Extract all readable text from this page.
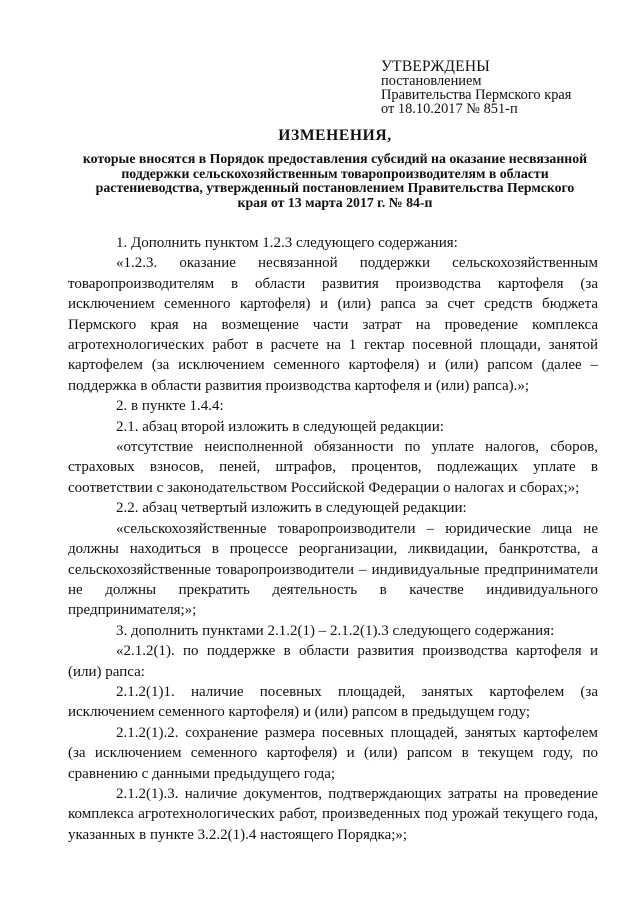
УТВЕРЖДЕНЫ
постановлением
Правительства Пермского края
от 18.10.2017 № 851-п
ИЗМЕНЕНИЯ,
которые вносятся в Порядок предоставления субсидий на оказание несвязанной поддержки сельскохозяйственным товаропроизводителям в области растениеводства, утвержденный постановлением Правительства Пермского края от 13 марта 2017 г. № 84-п

1. Дополнить пунктом 1.2.3 следующего содержания:

«1.2.3. оказание несвязанной поддержки сельскохозяйственным товаропроизводителям в области развития производства картофеля (за исключением семенного картофеля) и (или) рапса за счет средств бюджета Пермского края на возмещение части затрат на проведение комплекса агротехнологических работ в расчете на 1 гектар посевной площади, занятой картофелем (за исключением семенного картофеля) и (или) рапсом (далее – поддержка в области развития производства картофеля и (или) рапса).»;

2. в пункте 1.4.4:

2.1. абзац второй изложить в следующей редакции:

«отсутствие неисполненной обязанности по уплате налогов, сборов, страховых взносов, пеней, штрафов, процентов, подлежащих уплате в соответствии с законодательством Российской Федерации о налогах и сборах;»;

2.2. абзац четвертый изложить в следующей редакции:

«сельскохозяйственные товаропроизводители – юридические лица не должны находиться в процессе реорганизации, ликвидации, банкротства, а сельскохозяйственные товаропроизводители – индивидуальные предприниматели не должны прекратить деятельность в качестве индивидуального предпринимателя;»;

3. дополнить пунктами 2.1.2(1) – 2.1.2(1).3 следующего содержания:

«2.1.2(1). по поддержке в области развития производства картофеля и (или) рапса:

2.1.2(1)1. наличие посевных площадей, занятых картофелем (за исключением семенного картофеля) и (или) рапсом в предыдущем году;

2.1.2(1).2. сохранение размера посевных площадей, занятых картофелем (за исключением семенного картофеля) и (или) рапсом в текущем году, по сравнению с данными предыдущего года;

2.1.2(1).3. наличие документов, подтверждающих затраты на проведение комплекса агротехнологических работ, произведенных под урожай текущего года, указанных в пункте 3.2.2(1).4 настоящего Порядка;»;
